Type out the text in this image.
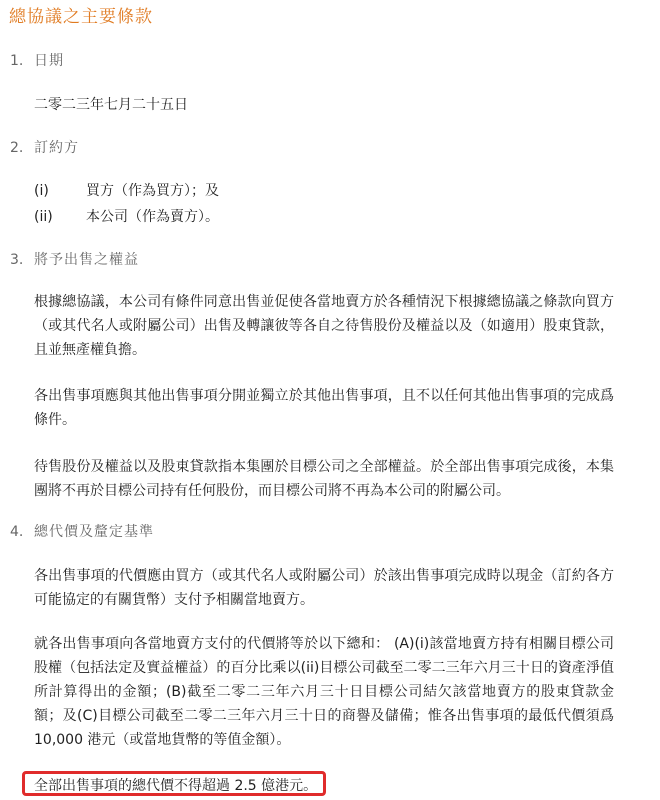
總協議之主要條款
1. 日期
二零二三年七月二十五日
2. 訂約方
(i)	買方（作為買方）；及
(ii) 本公司（作為賣方）。
3. 將予出售之權益
根據總協議，本公司有條件同意出售並促使各當地賣方於各種情況下根據總協議之條款向買方（或其代名人或附屬公司）出售及轉讓彼等各自之待售股份及權益以及（如適用）股東貸款，且並無產權負擔。
各出售事項應與其他出售事項分開並獨立於其他出售事項，且不以任何其他出售事項的完成爲條件。
待售股份及權益以及股東貸款指本集團於目標公司之全部權益。於全部出售事項完成後，本集團將不再於目標公司持有任何股份，而目標公司將不再為本公司的附屬公司。
4. 總代價及釐定基準
各出售事項的代價應由買方（或其代名人或附屬公司）於該出售事項完成時以現金（訂約各方可能協定的有關貨幣）支付予相關當地賣方。
就各出售事項向各當地賣方支付的代價將等於以下總和： (A)(i)該當地賣方持有相關目標公司股權（包括法定及實益權益）的百分比乘以(ii)目標公司截至二零二三年六月三十日的資產淨值所計算得出的金額；(B)截至二零二三年六月三十日目標公司結欠該當地賣方的股東貸款金額；及(C)目標公司截至二零二三年六月三十日的商譽及儲備；惟各出售事項的最低代價須爲 10,000 港元（或當地貨幣的等值金額）。
全部出售事項的總代價不得超過 2.5 億港元。
